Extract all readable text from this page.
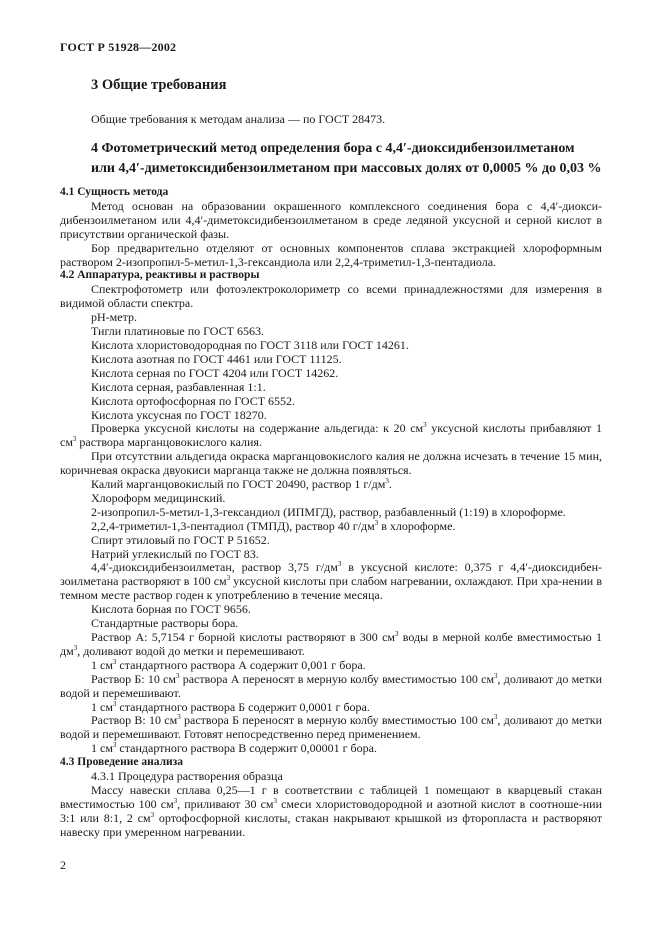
ГОСТ Р 51928—2002
3 Общие требования
Общие требования к методам анализа — по ГОСТ 28473.
4 Фотометрический метод определения бора с 4,4′-диоксидибензоилметаном
или 4,4′-диметоксидибензоилметаном при массовых долях от 0,0005 % до 0,03 %

4.1 Сущность метода

Метод основан на образовании окрашенного комплексного соединения бора с 4,4′-диокси-дибензоилметаном или 4,4′-диметоксидибензоилметаном в среде ледяной уксусной и серной кислот в присутствии органической фазы.

Бор предварительно отделяют от основных компонентов сплава экстракцией хлороформным раствором 2-изопропил-5-метил-1,3-гександиола или 2,2,4-триметил-1,3-пентадиола.

4.2 Аппаратура, реактивы и растворы

Спектрофотометр или фотоэлектроколориметр со всеми принадлежностями для измерения в видимой области спектра.

pH-метр.

Тигли платиновые по ГОСТ 6563.

Кислота хлористоводородная по ГОСТ 3118 или ГОСТ 14261.

Кислота азотная по ГОСТ 4461 или ГОСТ 11125.

Кислота серная по ГОСТ 4204 или ГОСТ 14262.

Кислота серная, разбавленная 1:1.

Кислота ортофосфорная по ГОСТ 6552.

Кислота уксусная по ГОСТ 18270.

Проверка уксусной кислоты на содержание альдегида: к 20 $см^3$ уксусной кислоты прибавляют 1 $см^3$ раствора марганцовокислого калия.

При отсутствии альдегида окраска марганцовокислого калия не должна исчезать в течение 15 мин, коричневая окраска двуокиси марганца также не должна появляться.

Калий марганцовокислый по ГОСТ 20490, раствор 1 $г/дм^3$.

Хлороформ медицинский.

2-изопропил-5-метил-1,3-гександиол (ИПМГД), раствор, разбавленный (1:19) в хлороформе.

2,2,4-триметил-1,3-пентадиол (ТМПД), раствор 40 $г/дм^3$ в хлороформе.

Спирт этиловый по ГОСТ Р 51652.

Натрий углекислый по ГОСТ 83.

4,4′-диоксидибензоилметан, раствор 3,75 $г/дм^3$ в уксусной кислоте: 0,375 г 4,4′-диоксидибен-зоилметана растворяют в 100 $см^3$ уксусной кислоты при слабом нагревании, охлаждают. При хра-нении в темном месте раствор годен к употреблению в течение месяца.

Кислота борная по ГОСТ 9656.

Стандартные растворы бора.

Раствор А: 5,7154 г борной кислоты растворяют в 300 $см^3$ воды в мерной колбе вместимостью 1 $дм^3$, доливают водой до метки и перемешивают.

1 $см^3$ стандартного раствора А содержит 0,001 г бора.

Раствор Б: 10 $см^3$ раствора А переносят в мерную колбу вместимостью 100 $см^3$, доливают до метки водой и перемешивают.

1 $см^3$ стандартного раствора Б содержит 0,0001 г бора.

Раствор В: 10 $см^3$ раствора Б переносят в мерную колбу вместимостью 100 $см^3$, доливают до метки водой и перемешивают. Готовят непосредственно перед применением.

1 $см^3$ стандартного раствора В содержит 0,00001 г бора.

4.3 Проведение анализа

4.3.1 Процедура растворения образца

Массу навески сплава 0,25—1 г в соответствии с таблицей 1 помещают в кварцевый стакан вместимостью 100 $см^3$, приливают 30 $см^3$ смеси хлористоводородной и азотной кислот в соотноше-нии 3:1 или 8:1, 2 $см^3$ ортофосфорной кислоты, стакан накрывают крышкой из фторопласта и растворяют навеску при умеренном нагревании.

2
